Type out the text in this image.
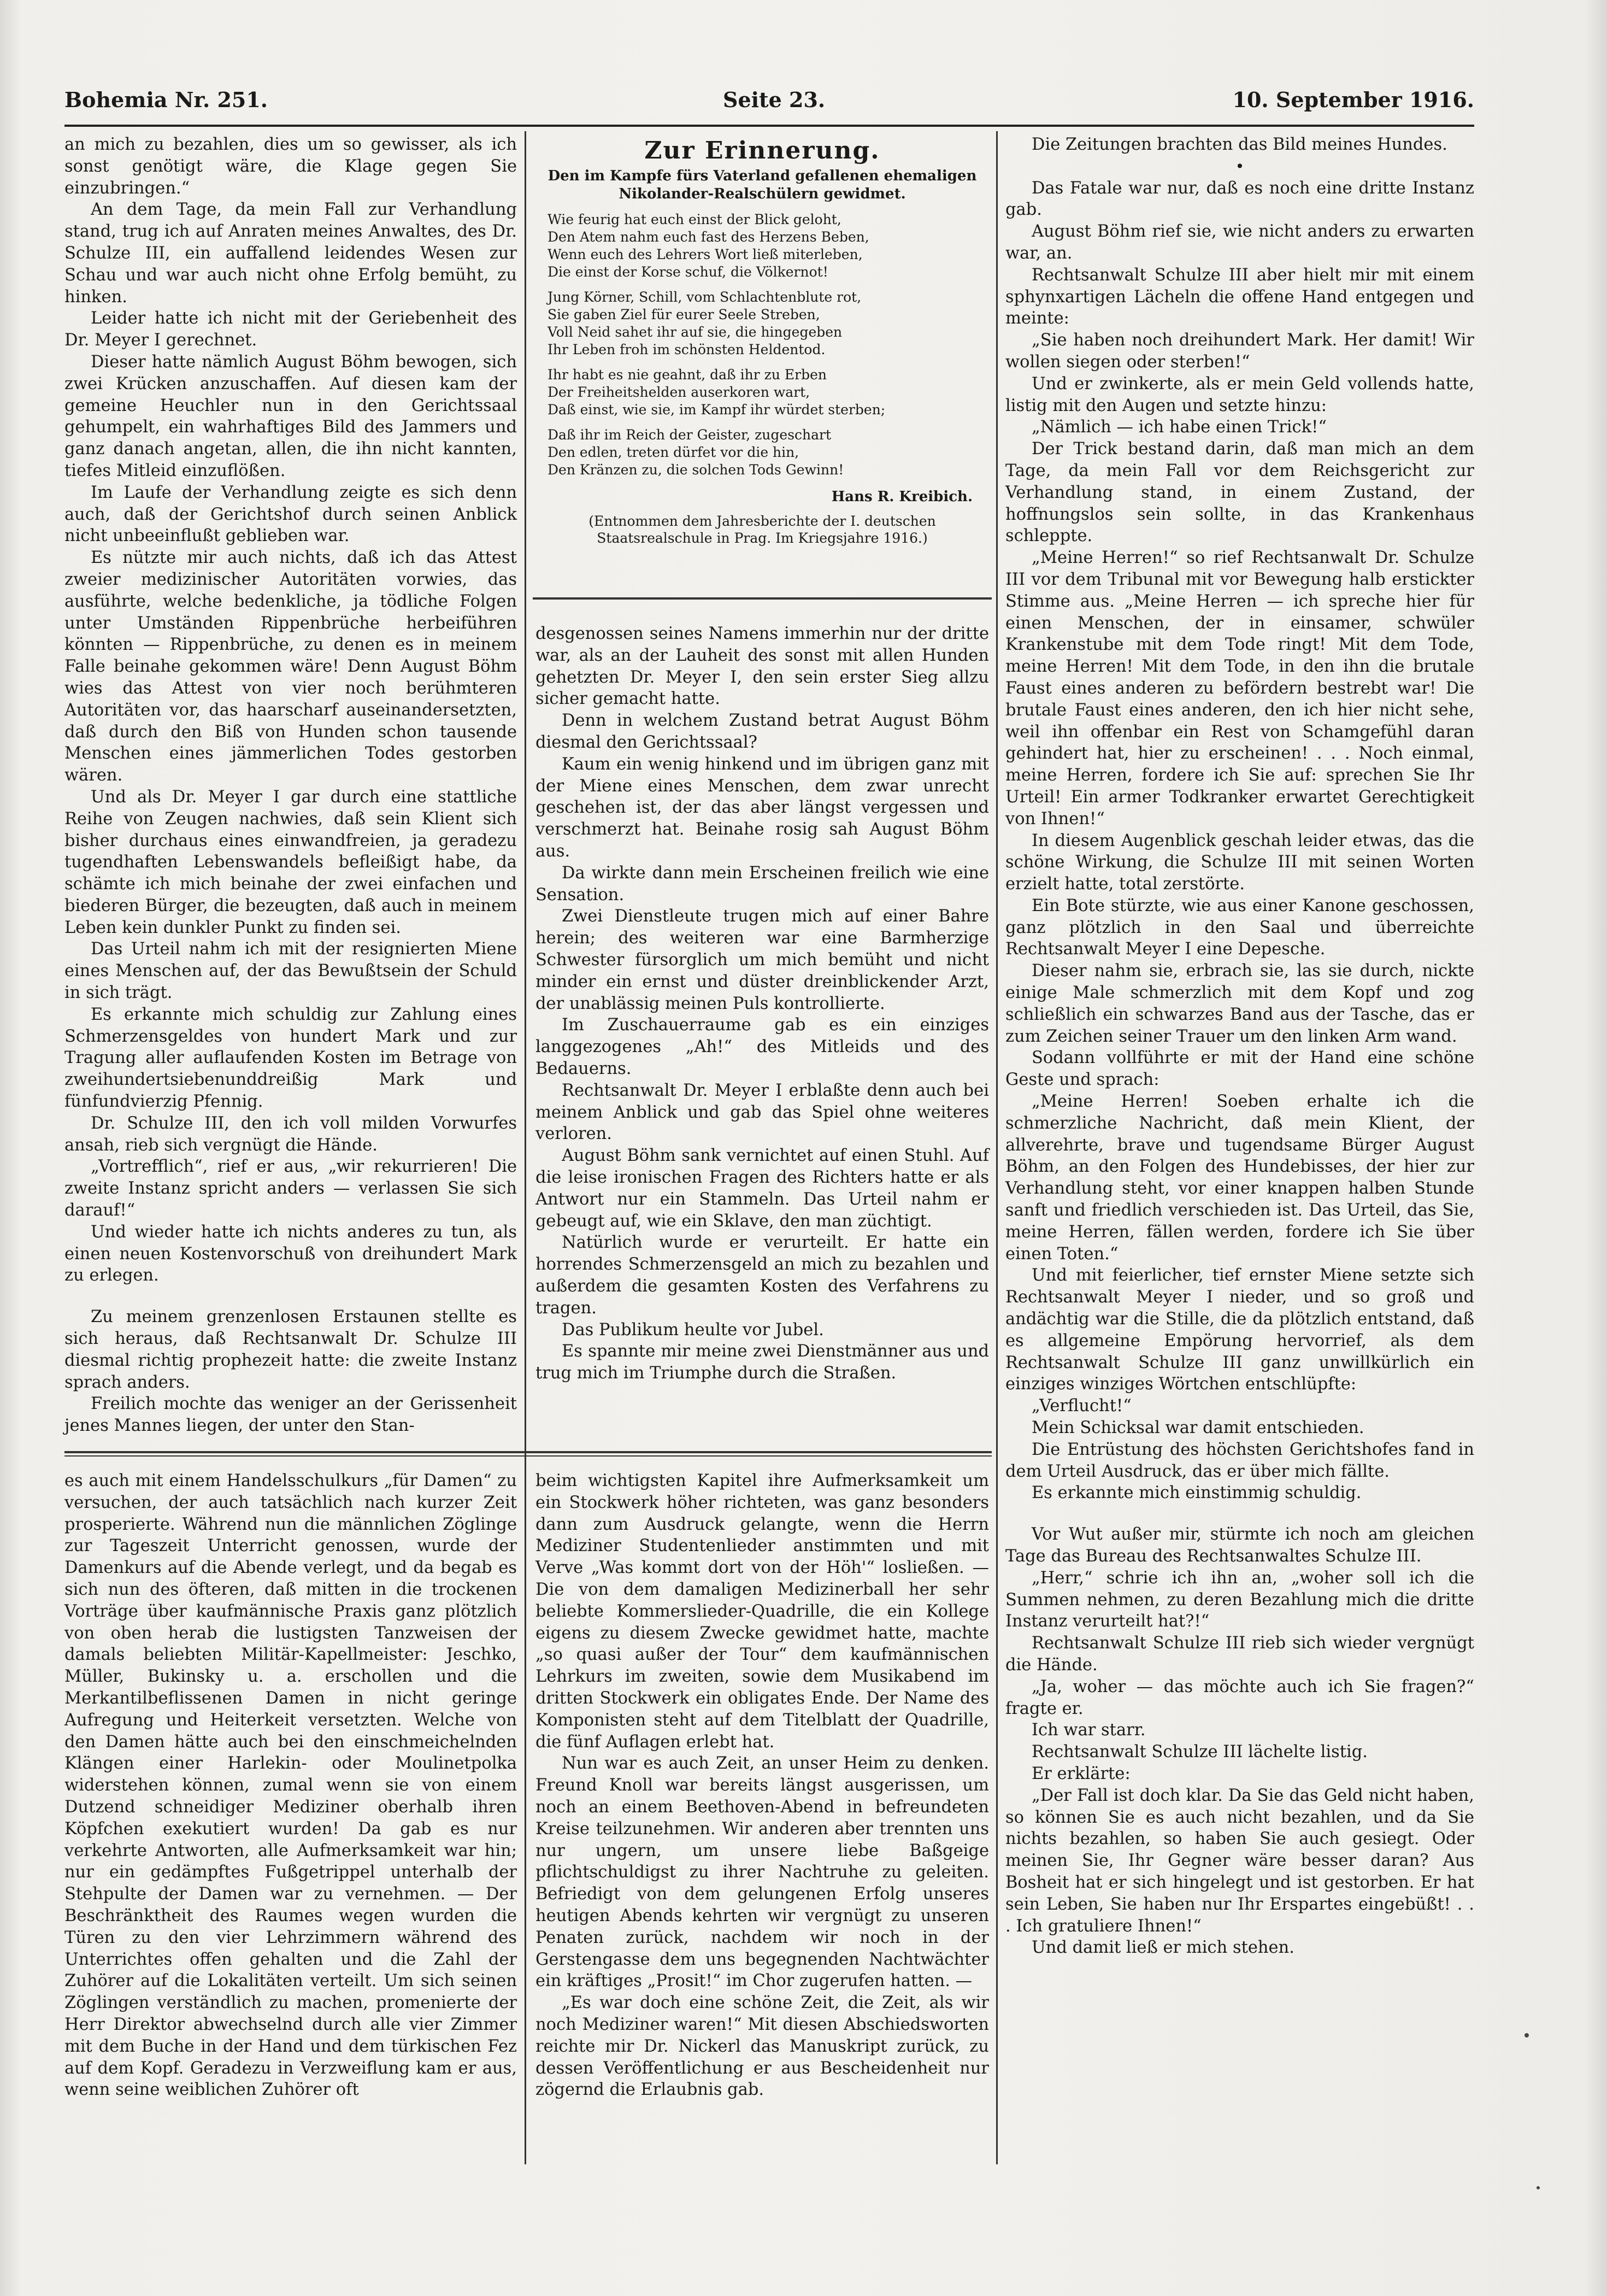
Bohemia Nr. 251.	Seite 23.	10. September 1916.

an mich zu bezahlen, dies um so gewisser, als ich sonst genötigt wäre, die Klage gegen Sie einzubringen.“

An dem Tage, da mein Fall zur Verhandlung stand, trug ich auf Anraten meines Anwaltes, des Dr. Schulze III, ein auffallend leidendes Wesen zur Schau und war auch nicht ohne Erfolg bemüht, zu hinken.

Leider hatte ich nicht mit der Geriebenheit des Dr. Meyer I gerechnet.

Dieser hatte nämlich August Böhm bewogen, sich zwei Krücken anzuschaffen. Auf diesen kam der gemeine Heuchler nun in den Gerichtssaal gehumpelt, ein wahrhaftiges Bild des Jammers und ganz danach angetan, allen, die ihn nicht kannten, tiefes Mitleid einzuflößen.

Im Laufe der Verhandlung zeigte es sich denn auch, daß der Gerichtshof durch seinen Anblick nicht unbeeinflußt geblieben war.

Es nützte mir auch nichts, daß ich das Attest zweier medizinischer Autoritäten vorwies, das ausführte, welche bedenkliche, ja tödliche Folgen unter Umständen Rippenbrüche herbeiführen könnten — Rippenbrüche, zu denen es in meinem Falle beinahe gekommen wäre! Denn August Böhm wies das Attest von vier noch berühmteren Autoritäten vor, das haarscharf auseinandersetzten, daß durch den Biß von Hunden schon tausende Menschen eines jämmerlichen Todes gestorben wären.

Und als Dr. Meyer I gar durch eine stattliche Reihe von Zeugen nachwies, daß sein Klient sich bisher durchaus eines einwandfreien, ja geradezu tugendhaften Lebenswandels befleißigt habe, da schämte ich mich beinahe der zwei einfachen und biederen Bürger, die bezeugten, daß auch in meinem Leben kein dunkler Punkt zu finden sei.

Das Urteil nahm ich mit der resignierten Miene eines Menschen auf, der das Bewußtsein der Schuld in sich trägt.

Es erkannte mich schuldig zur Zahlung eines Schmerzensgeldes von hundert Mark und zur Tragung aller auflaufenden Kosten im Betrage von zweihundertsiebenunddreißig Mark und fünfundvierzig Pfennig.

Dr. Schulze III, den ich voll milden Vorwurfes ansah, rieb sich vergnügt die Hände.

„Vortrefflich“, rief er aus, „wir rekurrieren! Die zweite Instanz spricht anders — verlassen Sie sich darauf!“

Und wieder hatte ich nichts anderes zu tun, als einen neuen Kostenvorschuß von dreihundert Mark zu erlegen.

Zu meinem grenzenlosen Erstaunen stellte es sich heraus, daß Rechtsanwalt Dr. Schulze III diesmal richtig prophezeit hatte: die zweite Instanz sprach anders.

Freilich mochte das weniger an der Gerissenheit jenes Mannes liegen, der unter den Stan-

Zur Erinnerung.
Den im Kampfe fürs Vaterland gefallenen ehemaligen Nikolander-Realschülern gewidmet.
Wie feurig hat euch einst der Blick geloht,
Den Atem nahm euch fast des Herzens Beben,
Wenn euch des Lehrers Wort ließ miterleben,
Die einst der Korse schuf, die Völkernot!
Jung Körner, Schill, vom Schlachtenblute rot,
Sie gaben Ziel für eurer Seele Streben,
Voll Neid sahet ihr auf sie, die hingegeben
Ihr Leben froh im schönsten Heldentod.
Ihr habt es nie geahnt, daß ihr zu Erben
Der Freiheitshelden auserkoren wart,
Daß einst, wie sie, im Kampf ihr würdet sterben;
Daß ihr im Reich der Geister, zugeschart
Den edlen, treten dürfet vor die hin,
Den Kränzen zu, die solchen Tods Gewinn!
Hans R. Kreibich.
(Entnommen dem Jahresberichte der I. deutschen Staatsrealschule in Prag. Im Kriegsjahre 1916.)

desgenossen seines Namens immerhin nur der dritte war, als an der Lauheit des sonst mit allen Hunden gehetzten Dr. Meyer I, den sein erster Sieg allzu sicher gemacht hatte.

Denn in welchem Zustand betrat August Böhm diesmal den Gerichtssaal?

Kaum ein wenig hinkend und im übrigen ganz mit der Miene eines Menschen, dem zwar unrecht geschehen ist, der das aber längst vergessen und verschmerzt hat. Beinahe rosig sah August Böhm aus.

Da wirkte dann mein Erscheinen freilich wie eine Sensation.

Zwei Dienstleute trugen mich auf einer Bahre herein; des weiteren war eine Barmherzige Schwester fürsorglich um mich bemüht und nicht minder ein ernst und düster dreinblickender Arzt, der unablässig meinen Puls kontrollierte.

Im Zuschauerraume gab es ein einziges langgezogenes „Ah!“ des Mitleids und des Bedauerns.

Rechtsanwalt Dr. Meyer I erblaßte denn auch bei meinem Anblick und gab das Spiel ohne weiteres verloren.

August Böhm sank vernichtet auf einen Stuhl. Auf die leise ironischen Fragen des Richters hatte er als Antwort nur ein Stammeln. Das Urteil nahm er gebeugt auf, wie ein Sklave, den man züchtigt.

Natürlich wurde er verurteilt. Er hatte ein horrendes Schmerzensgeld an mich zu bezahlen und außerdem die gesamten Kosten des Verfahrens zu tragen.

Das Publikum heulte vor Jubel.

Es spannte mir meine zwei Dienstmänner aus und trug mich im Triumphe durch die Straßen.

Die Zeitungen brachten das Bild meines Hundes.

•

Das Fatale war nur, daß es noch eine dritte Instanz gab.

August Böhm rief sie, wie nicht anders zu erwarten war, an.

Rechtsanwalt Schulze III aber hielt mir mit einem sphynxartigen Lächeln die offene Hand entgegen und meinte:

„Sie haben noch dreihundert Mark. Her damit! Wir wollen siegen oder sterben!“

Und er zwinkerte, als er mein Geld vollends hatte, listig mit den Augen und setzte hinzu:

„Nämlich — ich habe einen Trick!“

Der Trick bestand darin, daß man mich an dem Tage, da mein Fall vor dem Reichsgericht zur Verhandlung stand, in einem Zustand, der hoffnungslos sein sollte, in das Krankenhaus schleppte.

„Meine Herren!“ so rief Rechtsanwalt Dr. Schulze III vor dem Tribunal mit vor Bewegung halb erstickter Stimme aus. „Meine Herren — ich spreche hier für einen Menschen, der in einsamer, schwüler Krankenstube mit dem Tode ringt! Mit dem Tode, meine Herren! Mit dem Tode, in den ihn die brutale Faust eines anderen zu befördern bestrebt war! Die brutale Faust eines anderen, den ich hier nicht sehe, weil ihn offenbar ein Rest von Schamgefühl daran gehindert hat, hier zu erscheinen! . . . Noch einmal, meine Herren, fordere ich Sie auf: sprechen Sie Ihr Urteil! Ein armer Todkranker erwartet Gerechtigkeit von Ihnen!“

In diesem Augenblick geschah leider etwas, das die schöne Wirkung, die Schulze III mit seinen Worten erzielt hatte, total zerstörte.

Ein Bote stürzte, wie aus einer Kanone geschossen, ganz plötzlich in den Saal und überreichte Rechtsanwalt Meyer I eine Depesche.

Dieser nahm sie, erbrach sie, las sie durch, nickte einige Male schmerzlich mit dem Kopf und zog schließlich ein schwarzes Band aus der Tasche, das er zum Zeichen seiner Trauer um den linken Arm wand.

Sodann vollführte er mit der Hand eine schöne Geste und sprach:

„Meine Herren! Soeben erhalte ich die schmerzliche Nachricht, daß mein Klient, der allverehrte, brave und tugendsame Bürger August Böhm, an den Folgen des Hundebisses, der hier zur Verhandlung steht, vor einer knappen halben Stunde sanft und friedlich verschieden ist. Das Urteil, das Sie, meine Herren, fällen werden, fordere ich Sie über einen Toten.“

Und mit feierlicher, tief ernster Miene setzte sich Rechtsanwalt Meyer I nieder, und so groß und andächtig war die Stille, die da plötzlich entstand, daß es allgemeine Empörung hervorrief, als dem Rechtsanwalt Schulze III ganz unwillkürlich ein einziges winziges Wörtchen entschlüpfte:

„Verflucht!“

Mein Schicksal war damit entschieden.

Die Entrüstung des höchsten Gerichtshofes fand in dem Urteil Ausdruck, das er über mich fällte.

Es erkannte mich einstimmig schuldig.

Vor Wut außer mir, stürmte ich noch am gleichen Tage das Bureau des Rechtsanwaltes Schulze III.

„Herr,“ schrie ich ihn an, „woher soll ich die Summen nehmen, zu deren Bezahlung mich die dritte Instanz verurteilt hat?!“

Rechtsanwalt Schulze III rieb sich wieder vergnügt die Hände.

„Ja, woher — das möchte auch ich Sie fragen?“ fragte er.

Ich war starr.

Rechtsanwalt Schulze III lächelte listig.

Er erklärte:

„Der Fall ist doch klar. Da Sie das Geld nicht haben, so können Sie es auch nicht bezahlen, und da Sie nichts bezahlen, so haben Sie auch gesiegt. Oder meinen Sie, Ihr Gegner wäre besser daran? Aus Bosheit hat er sich hingelegt und ist gestorben. Er hat sein Leben, Sie haben nur Ihr Erspartes eingebüßt! . . . Ich gratuliere Ihnen!“

Und damit ließ er mich stehen.

es auch mit einem Handelsschulkurs „für Damen“ zu versuchen, der auch tatsächlich nach kurzer Zeit prosperierte. Während nun die männlichen Zöglinge zur Tageszeit Unterricht genossen, wurde der Damenkurs auf die Abende verlegt, und da begab es sich nun des öfteren, daß mitten in die trockenen Vorträge über kaufmännische Praxis ganz plötzlich von oben herab die lustigsten Tanzweisen der damals beliebten Militär-Kapellmeister: Jeschko, Müller, Bukinsky u. a. erschollen und die Merkantilbeflissenen Damen in nicht geringe Aufregung und Heiterkeit versetzten. Welche von den Damen hätte auch bei den einschmeichelnden Klängen einer Harlekin- oder Moulinetpolka widerstehen können, zumal wenn sie von einem Dutzend schneidiger Mediziner oberhalb ihren Köpfchen exekutiert wurden! Da gab es nur verkehrte Antworten, alle Aufmerksamkeit war hin; nur ein gedämpftes Fußgetrippel unterhalb der Stehpulte der Damen war zu vernehmen. — Der Beschränktheit des Raumes wegen wurden die Türen zu den vier Lehrzimmern während des Unterrichtes offen gehalten und die Zahl der Zuhörer auf die Lokalitäten verteilt. Um sich seinen Zöglingen verständlich zu machen, promenierte der Herr Direktor abwechselnd durch alle vier Zimmer mit dem Buche in der Hand und dem türkischen Fez auf dem Kopf. Geradezu in Verzweiflung kam er aus, wenn seine weiblichen Zuhörer oft

beim wichtigsten Kapitel ihre Aufmerksamkeit um ein Stockwerk höher richteten, was ganz besonders dann zum Ausdruck gelangte, wenn die Herrn Mediziner Studentenlieder anstimmten und mit Verve „Was kommt dort von der Höh'“ losließen. — Die von dem damaligen Medizinerball her sehr beliebte Kommerslieder-Quadrille, die ein Kollege eigens zu diesem Zwecke gewidmet hatte, machte „so quasi außer der Tour“ dem kaufmännischen Lehrkurs im zweiten, sowie dem Musikabend im dritten Stockwerk ein obligates Ende. Der Name des Komponisten steht auf dem Titelblatt der Quadrille, die fünf Auflagen erlebt hat.

Nun war es auch Zeit, an unser Heim zu denken. Freund Knoll war bereits längst ausgerissen, um noch an einem Beethoven-Abend in befreundeten Kreise teilzunehmen. Wir anderen aber trennten uns nur ungern, um unsere liebe Baßgeige pflichtschuldigst zu ihrer Nachtruhe zu geleiten. Befriedigt von dem gelungenen Erfolg unseres heutigen Abends kehrten wir vergnügt zu unseren Penaten zurück, nachdem wir noch in der Gerstengasse dem uns begegnenden Nachtwächter ein kräftiges „Prosit!“ im Chor zugerufen hatten. —

„Es war doch eine schöne Zeit, die Zeit, als wir noch Mediziner waren!“ Mit diesen Abschiedsworten reichte mir Dr. Nickerl das Manuskript zurück, zu dessen Veröffentlichung er aus Bescheidenheit nur zögernd die Erlaubnis gab.
